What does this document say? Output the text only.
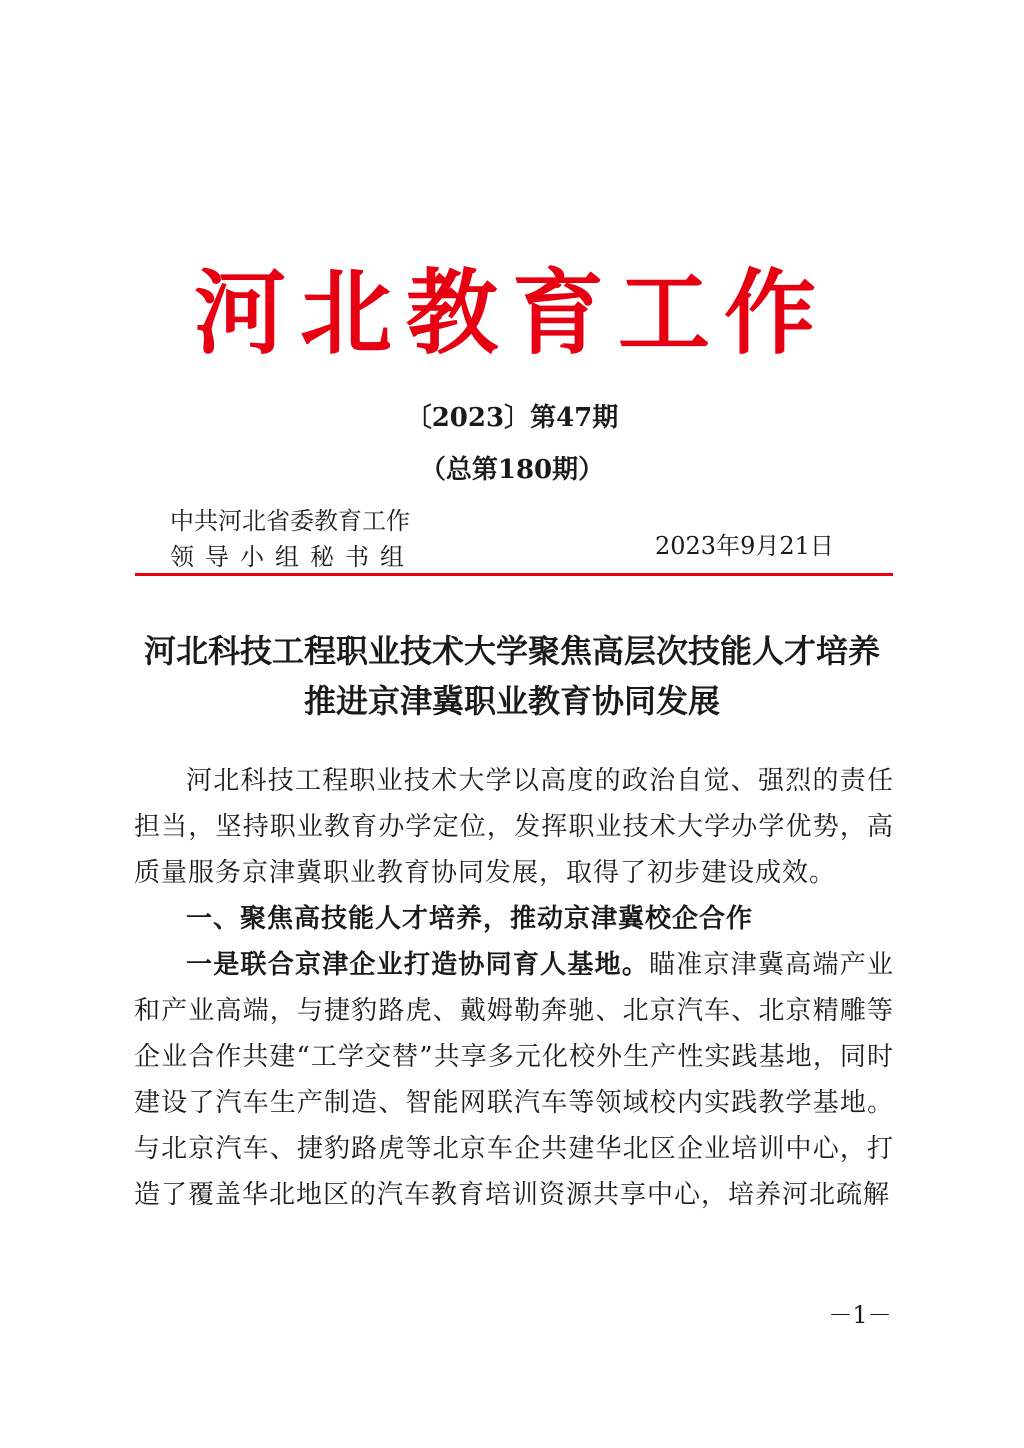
河北教育工作
〔2023〕第47期
（总第180期）
中共河北省委教育工作
领导小组秘书组	2023年9月21日
河北科技工程职业技术大学聚焦高层次技能人才培养
推进京津冀职业教育协同发展

河北科技工程职业技术大学以高度的政治自觉、强烈的责任担当，坚持职业教育办学定位，发挥职业技术大学办学优势，高质量服务京津冀职业教育协同发展，取得了初步建设成效。

一、聚焦高技能人才培养，推动京津冀校企合作

一是联合京津企业打造协同育人基地。瞄准京津冀高端产业和产业高端，与捷豹路虎、戴姆勒奔驰、北京汽车、北京精雕等企业合作共建“工学交替”共享多元化校外生产性实践基地，同时建设了汽车生产制造、智能网联汽车等领域校内实践教学基地。与北京汽车、捷豹路虎等北京车企共建华北区企业培训中心，打造了覆盖华北地区的汽车教育培训资源共享中心，培养河北疏解

－1－
